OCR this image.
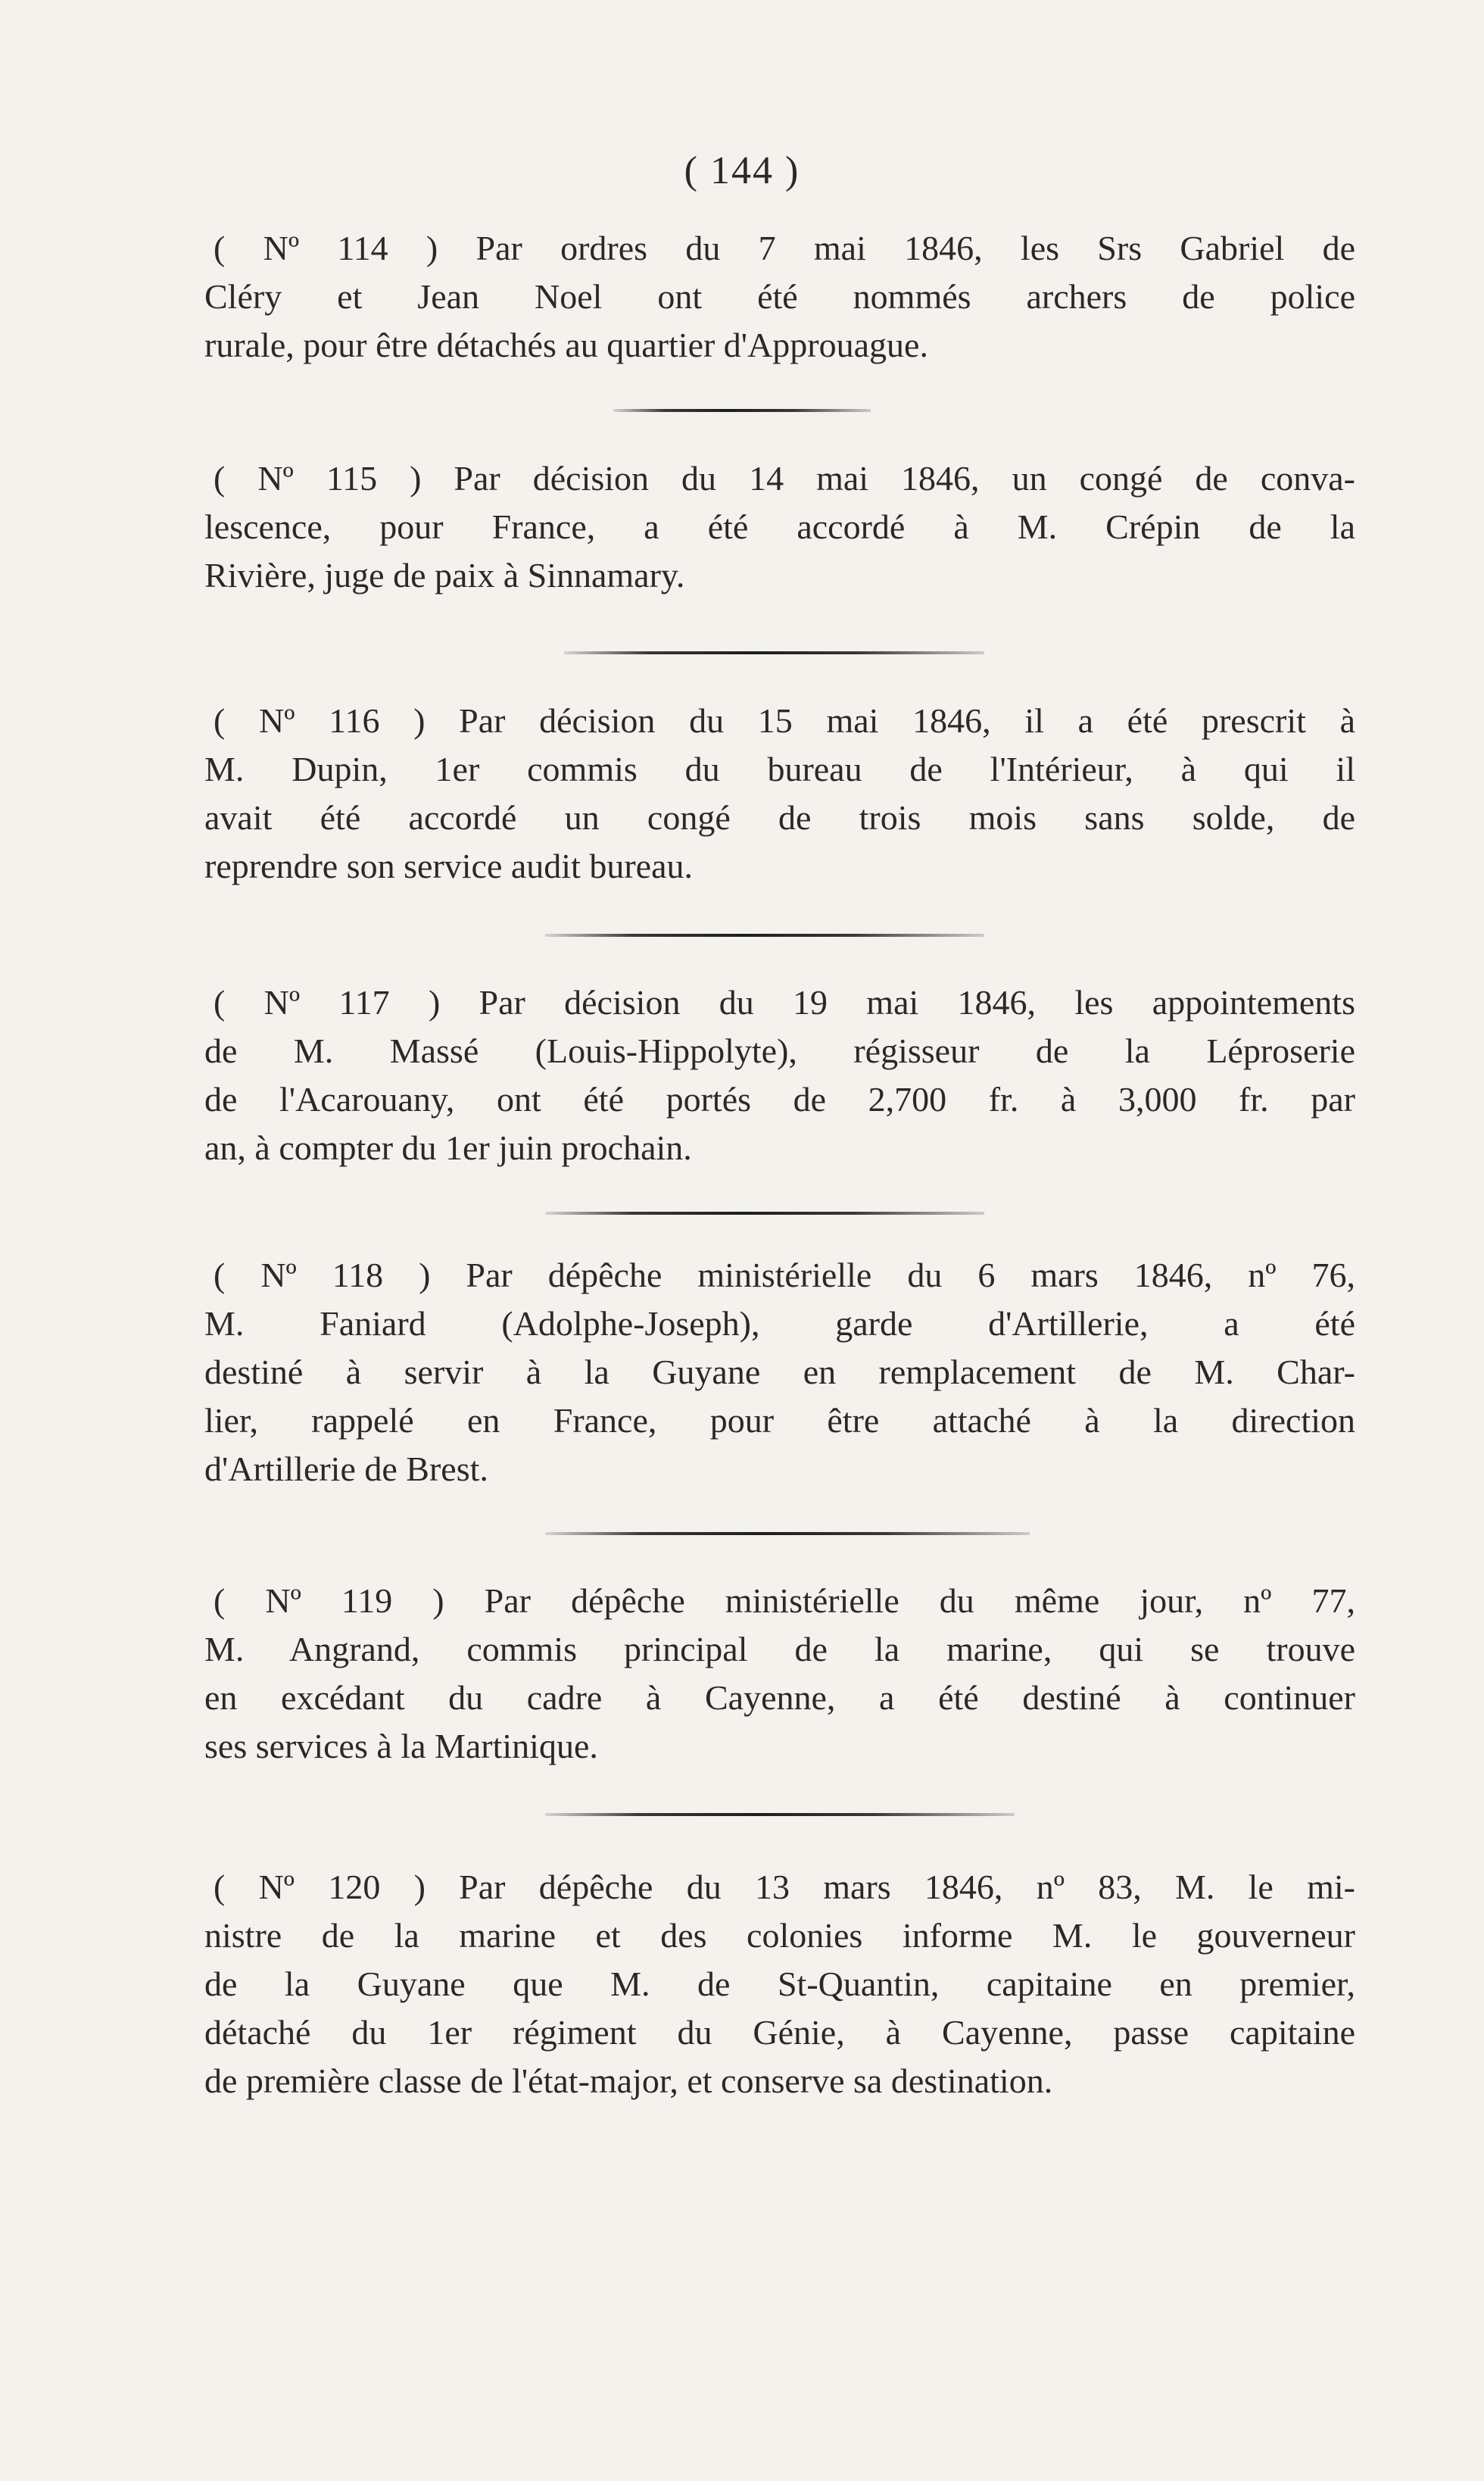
( 144 )
( Nº 114 ) Par ordres du 7 mai 1846, les Srs Gabriel de
Cléry et Jean Noel ont été nommés archers de police
rurale, pour être détachés au quartier d'Approuague.
( Nº 115 ) Par décision du 14 mai 1846, un congé de conva-
lescence, pour France, a été accordé à M. Crépin de la
Rivière, juge de paix à Sinnamary.
( Nº 116 ) Par décision du 15 mai 1846, il a été prescrit à
M. Dupin, 1er commis du bureau de l'Intérieur, à qui il
avait été accordé un congé de trois mois sans solde, de
reprendre son service audit bureau.
( Nº 117 ) Par décision du 19 mai 1846, les appointements
de M. Massé (Louis-Hippolyte), régisseur de la Léproserie
de l'Acarouany, ont été portés de 2,700 fr. à 3,000 fr. par
an, à compter du 1er juin prochain.
( Nº 118 ) Par dépêche ministérielle du 6 mars 1846, nº 76,
M. Faniard (Adolphe-Joseph), garde d'Artillerie, a été
destiné à servir à la Guyane en remplacement de M. Char-
lier, rappelé en France, pour être attaché à la direction
d'Artillerie de Brest.
( Nº 119 ) Par dépêche ministérielle du même jour, nº 77,
M. Angrand, commis principal de la marine, qui se trouve
en excédant du cadre à Cayenne, a été destiné à continuer
ses services à la Martinique.
( Nº 120 ) Par dépêche du 13 mars 1846, nº 83, M. le mi-
nistre de la marine et des colonies informe M. le gouverneur
de la Guyane que M. de St-Quantin, capitaine en premier,
détaché du 1er régiment du Génie, à Cayenne, passe capitaine
de première classe de l'état-major, et conserve sa destination.
